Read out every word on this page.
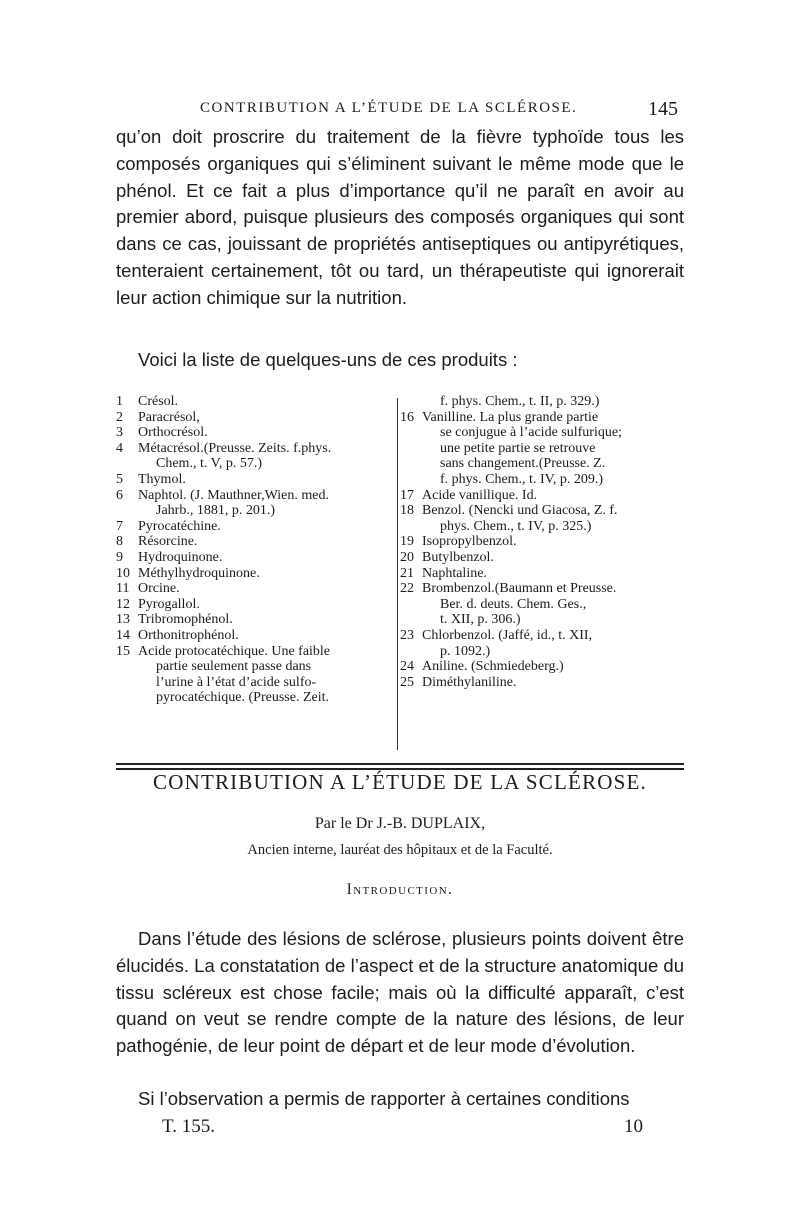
CONTRIBUTION A L’ÉTUDE DE LA SCLÉROSE.	145

qu’on doit proscrire du traitement de la fièvre typhoïde tous les composés organiques qui s’éliminent suivant le même mode que le phénol. Et ce fait a plus d’importance qu’il ne paraît en avoir au premier abord, puisque plusieurs des composés organiques qui sont dans ce cas, jouissant de propriétés antiseptiques ou antipyrétiques, tenteraient certainement, tôt ou tard, un thérapeutiste qui ignorerait leur action chimique sur la nutrition.

Voici la liste de quelques-uns de ces produits :

1	Crésol.
2	Paracrésol,
3	Orthocrésol.
4	Métacrésol.(Preusse. Zeits. f.phys.
Chem., t. V, p. 57.)
5	Thymol.
6	Naphtol. (J. Mauthner,Wien. med.
Jahrb., 1881, p. 201.)
7	Pyrocatéchine.
8	Résorcine.
9	Hydroquinone.
10 Méthylhydroquinone.
11 Orcine.
12 Pyrogallol.
13 Tribromophénol.
14 Orthonitrophénol.
15 Acide protocatéchique. Une faible
partie seulement passe dans
l’urine à l’état d’acide sulfo-
pyrocatéchique. (Preusse. Zeit.
f. phys. Chem., t. II, p. 329.)
16 Vanilline. La plus grande partie
se conjugue à l’acide sulfurique;
une petite partie se retrouve
sans changement.(Preusse. Z.
f. phys. Chem., t. IV, p. 209.)
17 Acide vanillique. Id.
18 Benzol. (Nencki und Giacosa, Z. f.
phys. Chem., t. IV, p. 325.)
19 Isopropylbenzol.
20 Butylbenzol.
21 Naphtaline.
22 Brombenzol.(Baumann et Preusse.
Ber. d. deuts. Chem. Ges.,
t. XII, p. 306.)
23 Chlorbenzol. (Jaffé, id., t. XII,
p. 1092.)
24 Aniline. (Schmiedeberg.)
25 Diméthylaniline.
CONTRIBUTION A L’ÉTUDE DE LA SCLÉROSE.
Par le Dr J.-B. DUPLAIX,
Ancien interne, lauréat des hôpitaux et de la Faculté.
Introduction.

Dans l’étude des lésions de sclérose, plusieurs points doivent être élucidés. La constatation de l’aspect et de la structure anatomique du tissu scléreux est chose facile; mais où la difficulté apparaît, c’est quand on veut se rendre compte de la nature des lésions, de leur pathogénie, de leur point de départ et de leur mode d’évolution.

Si l’observation a permis de rapporter à certaines conditions

T. 155.	10
